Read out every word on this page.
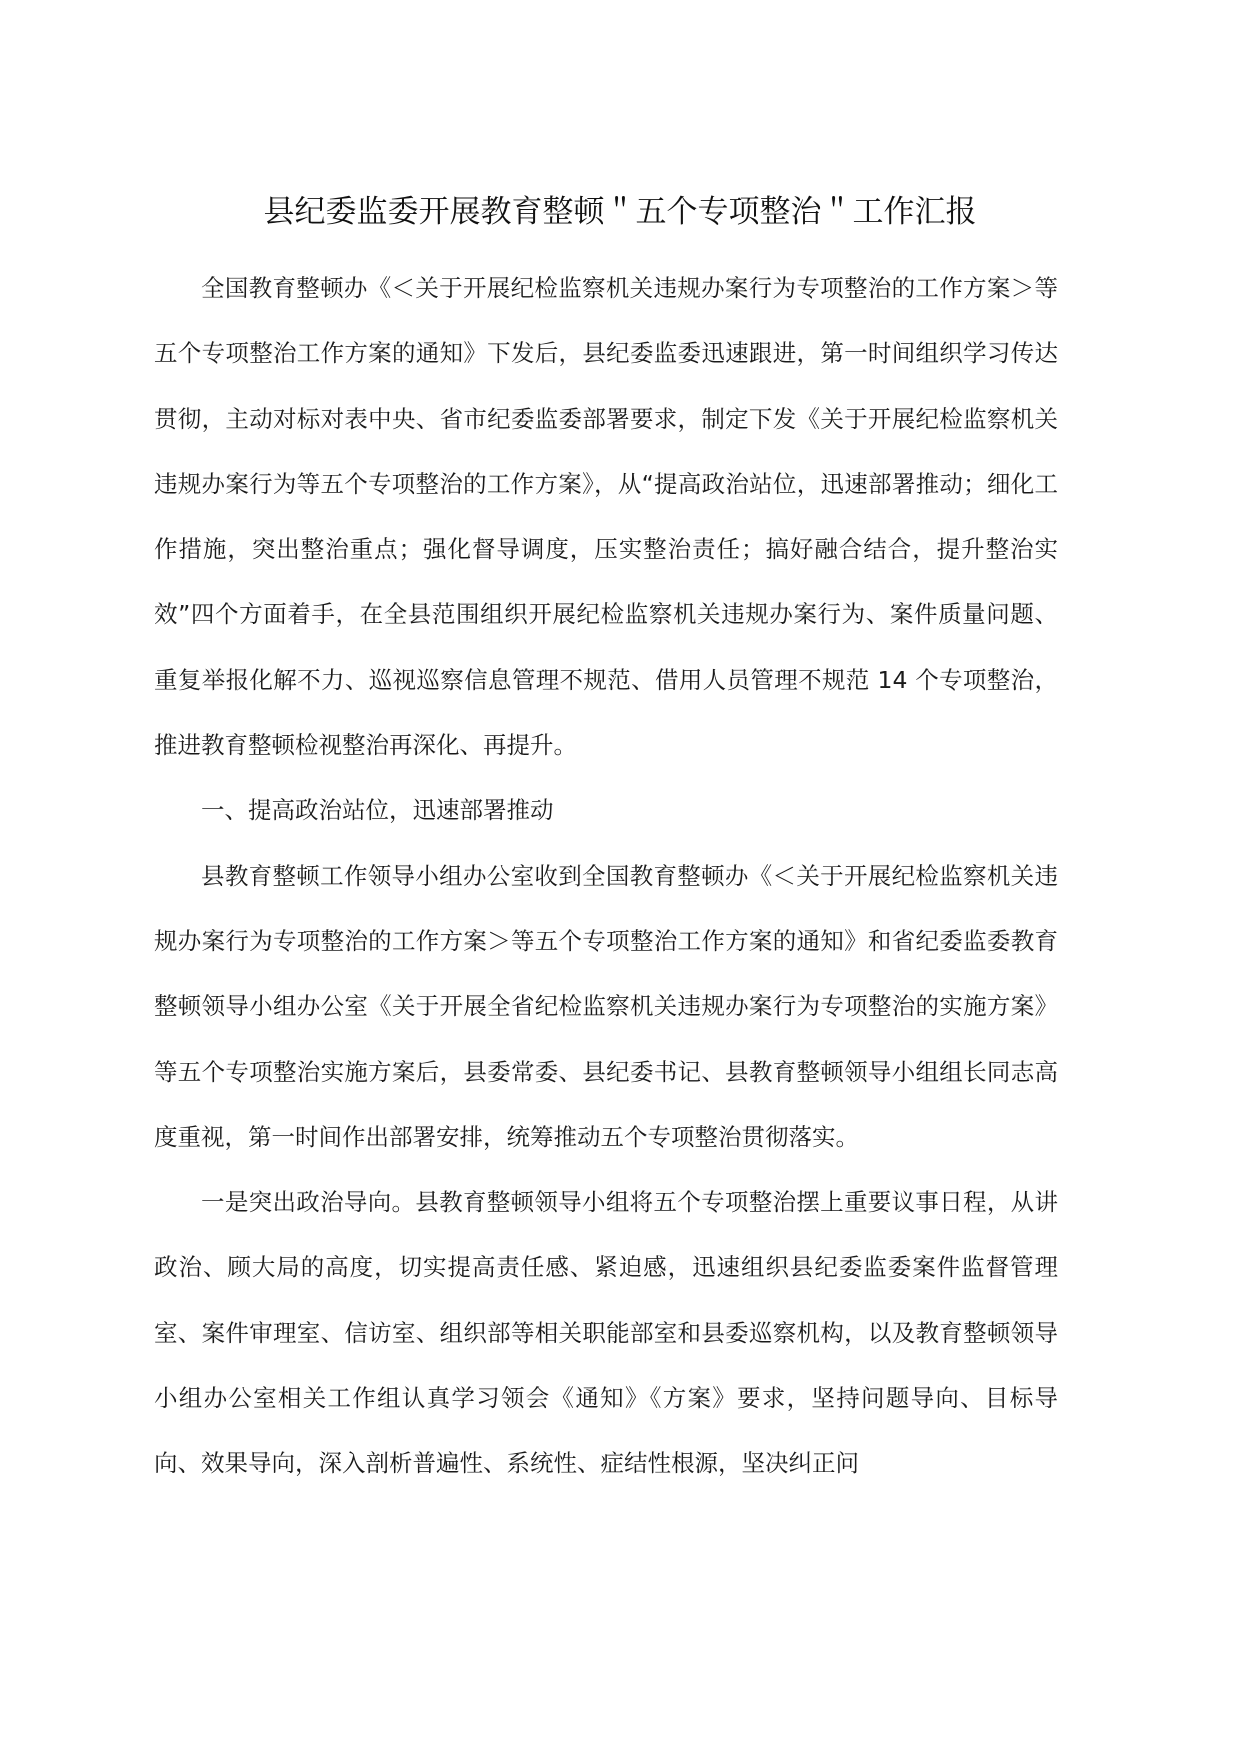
县纪委监委开展教育整顿＂五个专项整治＂工作汇报

全国教育整顿办《＜关于开展纪检监察机关违规办案行为专项整治的工作方案＞等五个专项整治工作方案的通知》下发后，县纪委监委迅速跟进，第一时间组织学习传达贯彻，主动对标对表中央、省市纪委监委部署要求，制定下发《关于开展纪检监察机关违规办案行为等五个专项整治的工作方案》，从“提高政治站位，迅速部署推动；细化工作措施，突出整治重点；强化督导调度，压实整治责任；搞好融合结合，提升整治实效”四个方面着手，在全县范围组织开展纪检监察机关违规办案行为、案件质量问题、重复举报化解不力、巡视巡察信息管理不规范、借用人员管理不规范 14 个专项整治，推进教育整顿检视整治再深化、再提升。

一、提高政治站位，迅速部署推动

县教育整顿工作领导小组办公室收到全国教育整顿办《＜关于开展纪检监察机关违规办案行为专项整治的工作方案＞等五个专项整治工作方案的通知》和省纪委监委教育整顿领导小组办公室《关于开展全省纪检监察机关违规办案行为专项整治的实施方案》等五个专项整治实施方案后，县委常委、县纪委书记、县教育整顿领导小组组长同志高度重视，第一时间作出部署安排，统筹推动五个专项整治贯彻落实。

一是突出政治导向。县教育整顿领导小组将五个专项整治摆上重要议事日程，从讲政治、顾大局的高度，切实提高责任感、紧迫感，迅速组织县纪委监委案件监督管理室、案件审理室、信访室、组织部等相关职能部室和县委巡察机构，以及教育整顿领导小组办公室相关工作组认真学习领会《通知》《方案》要求，坚持问题导向、目标导向、效果导向，深入剖析普遍性、系统性、症结性根源，坚决纠正问
